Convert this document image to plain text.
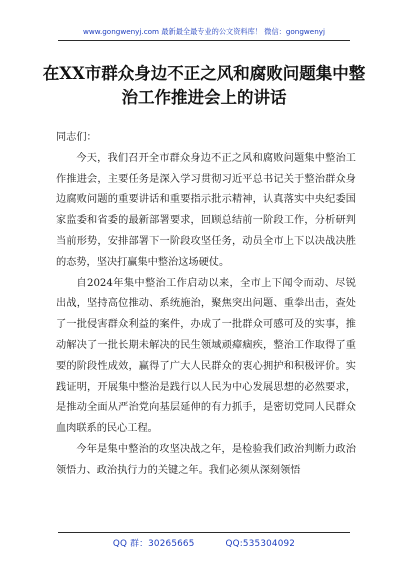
www.gongwenyj.com 最新最全最专业的公文资料库！ 微信：gongwenyj
在XX市群众身边不正之风和腐败问题集中整治工作推进会上的讲话

同志们：

今天，我们召开全市群众身边不正之风和腐败问题集中整治工作推进会，主要任务是深入学习贯彻习近平总书记关于整治群众身边腐败问题的重要讲话和重要指示批示精神，认真落实中央纪委国家监委和省委的最新部署要求，回顾总结前一阶段工作，分析研判当前形势，安排部署下一阶段攻坚任务，动员全市上下以决战决胜的态势，坚决打赢集中整治这场硬仗。

自2024年集中整治工作启动以来，全市上下闻令而动、尽锐出战，坚持高位推动、系统施治，聚焦突出问题、重拳出击，查处了一批侵害群众利益的案件，办成了一批群众可感可及的实事，推动解决了一批长期未解决的民生领域顽瘴痼疾，整治工作取得了重要的阶段性成效，赢得了广大人民群众的衷心拥护和积极评价。实践证明，开展集中整治是践行以人民为中心发展思想的必然要求，是推动全面从严治党向基层延伸的有力抓手，是密切党同人民群众血肉联系的民心工程。

今年是集中整治的攻坚决战之年，是检验我们政治判断力政治领悟力、政治执行力的关键之年。我们必须从深刻领悟

QQ 群：30265665	QQ:535304092
